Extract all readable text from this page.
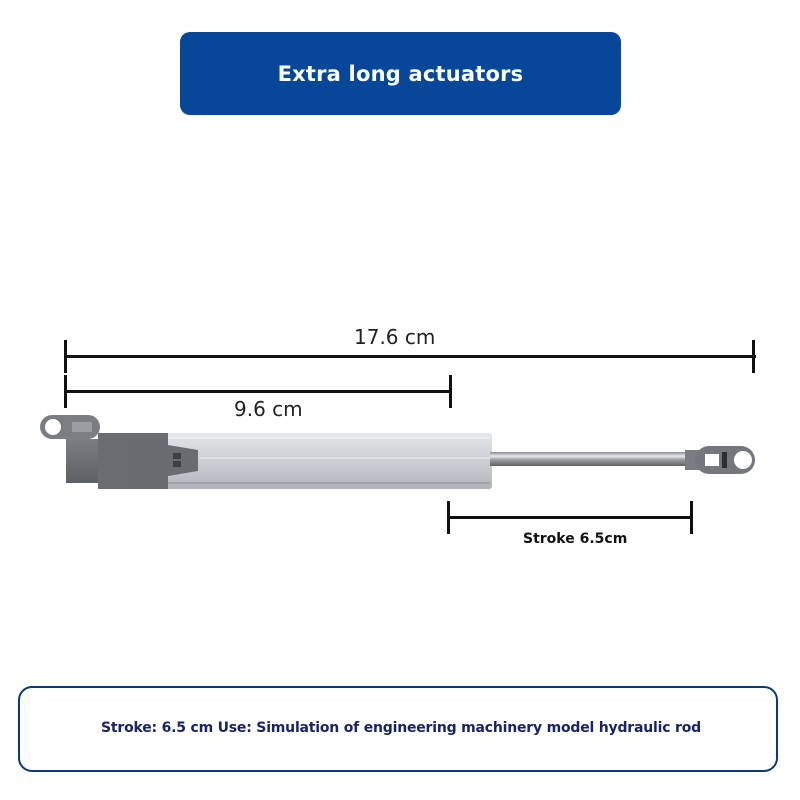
Extra long actuators
17.6 cm
9.6 cm
Stroke 6.5cm
Stroke: 6.5 cm Use: Simulation of engineering machinery model hydraulic rod
